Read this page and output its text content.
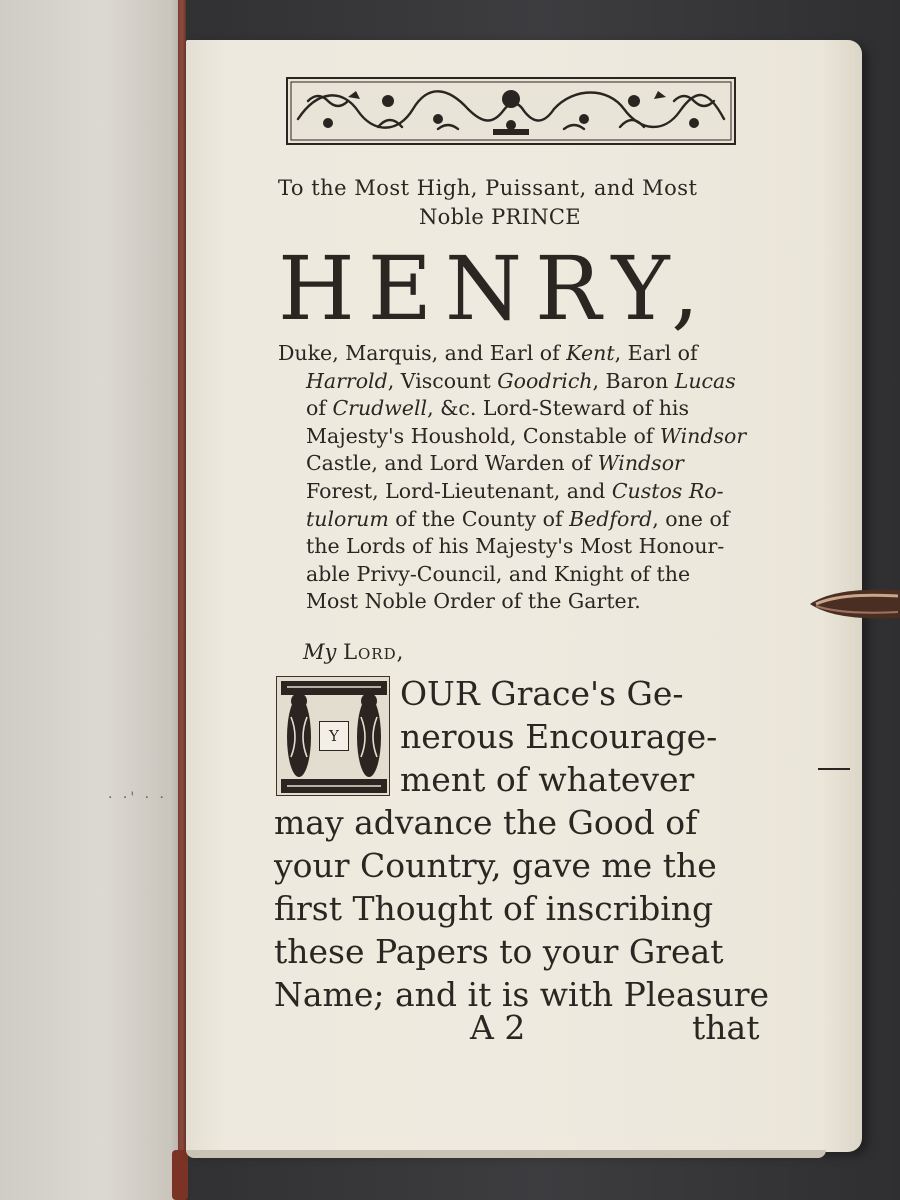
· ·' · ·
To the Most High, Puissant, and Most
Noble PRINCE
HENRY,
Duke, Marquis, and Earl of Kent, Earl of
Harrold, Viscount Goodrich, Baron Lucas
of Crudwell, &c. Lord-Steward of his
Majesty's Houshold, Constable of Windsor
Castle, and Lord Warden of Windsor
Forest, Lord-Lieutenant, and Custos Ro-
tulorum of the County of Bedford, one of
the Lords of his Majesty's Most Honour-
able Privy-Council, and Knight of the
Most Noble Order of the Garter.
My Lord,
Y
OUR Grace's Ge-
nerous Encourage-
ment of whatever
may advance the Good of
your Country, gave me the
first Thought of inscribing
these Papers to your Great
Name; and it is with Pleasure
A 2	that
